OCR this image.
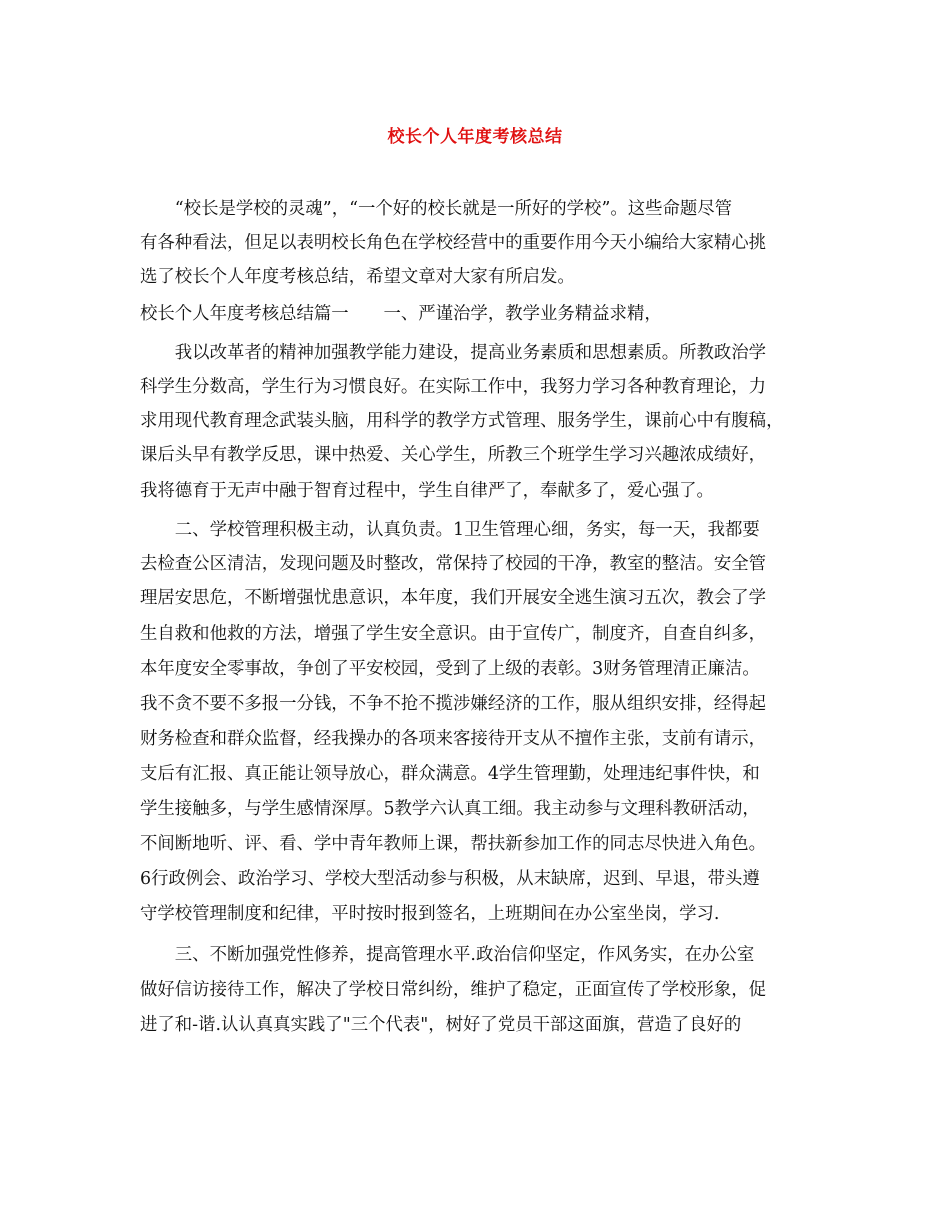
校长个人年度考核总结
　　“校长是学校的灵魂”，“一个好的校长就是一所好的学校”。这些命题尽管
有各种看法，但足以表明校长角色在学校经营中的重要作用今天小编给大家精心挑
选了校长个人年度考核总结，希望文章对大家有所启发。
校长个人年度考核总结篇一　　一、严谨治学，教学业务精益求精，
　　我以改革者的精神加强教学能力建设，提高业务素质和思想素质。所教政治学
科学生分数高，学生行为习惯良好。在实际工作中，我努力学习各种教育理论，力
求用现代教育理念武装头脑，用科学的教学方式管理、服务学生，课前心中有腹稿，
课后头早有教学反思，课中热爱、关心学生，所教三个班学生学习兴趣浓成绩好，
我将德育于无声中融于智育过程中，学生自律严了，奉献多了，爱心强了。
　　二、学校管理积极主动，认真负责。1卫生管理心细，务实，每一天，我都要
去检查公区清洁，发现问题及时整改，常保持了校园的干净，教室的整洁。安全管
理居安思危，不断增强忧患意识，本年度，我们开展安全逃生演习五次，教会了学
生自救和他救的方法，增强了学生安全意识。由于宣传广，制度齐，自查自纠多，
本年度安全零事故，争创了平安校园，受到了上级的表彰。3财务管理清正廉洁。
我不贪不要不多报一分钱，不争不抢不揽涉嫌经济的工作，服从组织安排，经得起
财务检查和群众监督，经我操办的各项来客接待开支从不擅作主张，支前有请示，
支后有汇报、真正能让领导放心，群众满意。4学生管理勤，处理违纪事件快，和
学生接触多，与学生感情深厚。5教学六认真工细。我主动参与文理科教研活动，
不间断地听、评、看、学中青年教师上课，帮扶新参加工作的同志尽快进入角色。
6行政例会、政治学习、学校大型活动参与积极，从末缺席，迟到、早退，带头遵
守学校管理制度和纪律，平时按时报到签名，上班期间在办公室坐岗，学习.
　　三、不断加强党性修养，提高管理水平.政治信仰坚定，作风务实，在办公室
做好信访接待工作，解决了学校日常纠纷，维护了稳定，正面宣传了学校形象，促
进了和-谐.认认真真实践了"三个代表"，树好了党员干部这面旗，营造了良好的
